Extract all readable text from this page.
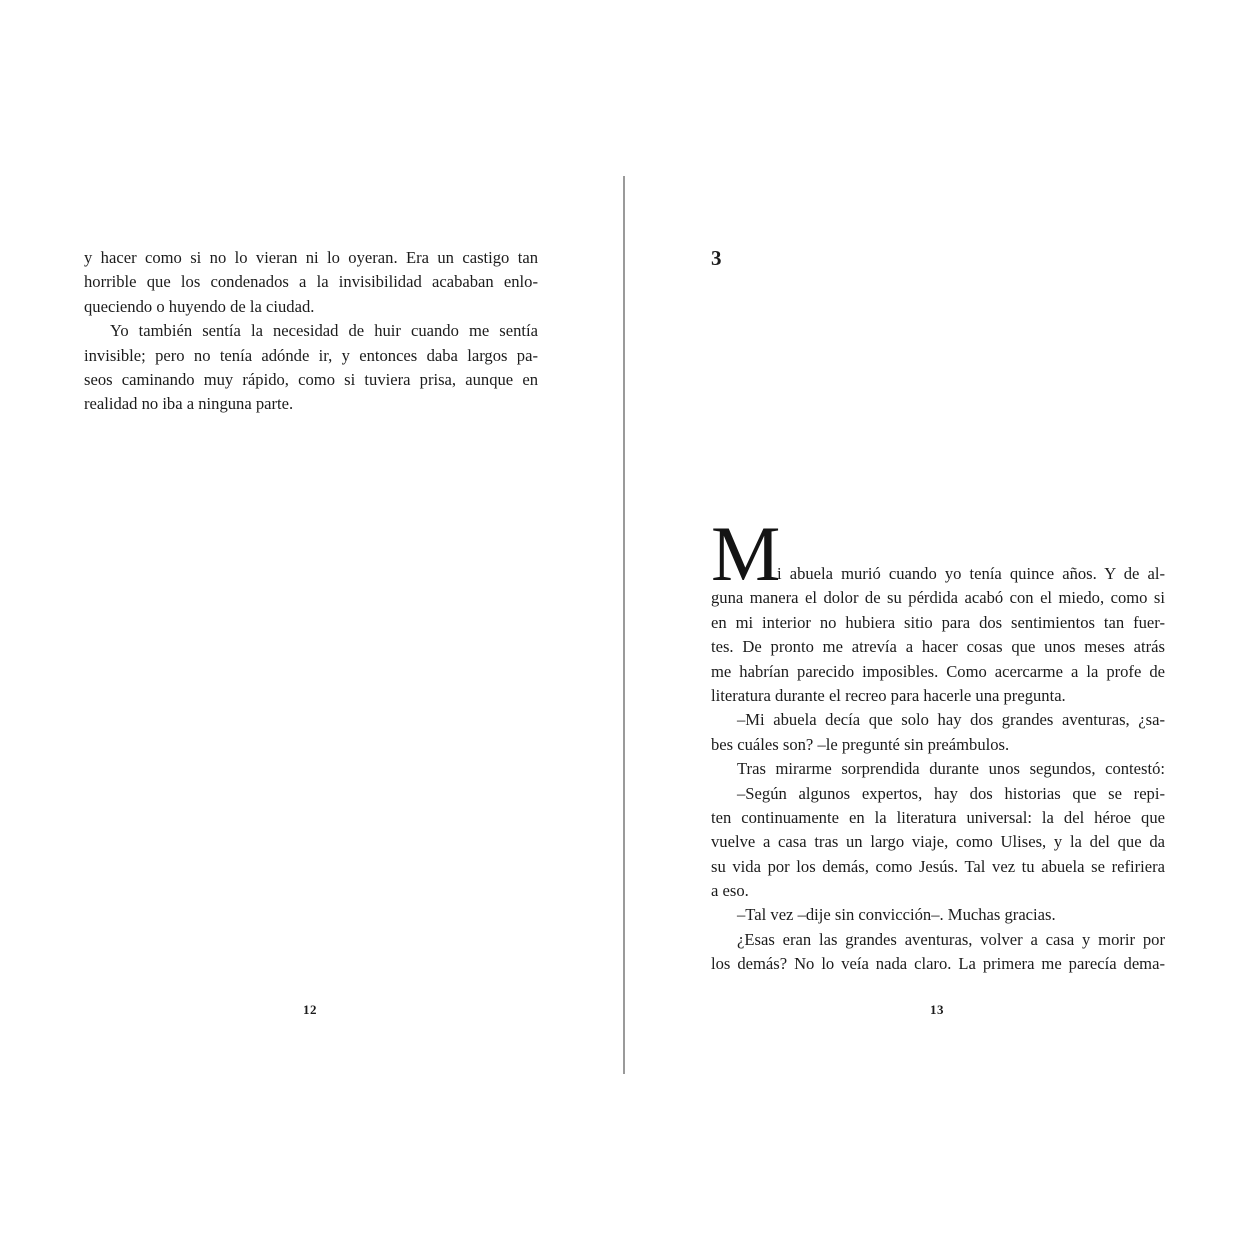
y hacer como si no lo vieran ni lo oyeran. Era un castigo tan
horrible que los condenados a la invisibilidad acababan enlo-
queciendo o huyendo de la ciudad.
Yo también sentía la necesidad de huir cuando me sentía
invisible; pero no tenía adónde ir, y entonces daba largos pa-
seos caminando muy rápido, como si tuviera prisa, aunque en
realidad no iba a ninguna parte.
12
3
M
i abuela murió cuando yo tenía quince años. Y de al-
guna manera el dolor de su pérdida acabó con el miedo, como si
en mi interior no hubiera sitio para dos sentimientos tan fuer-
tes. De pronto me atrevía a hacer cosas que unos meses atrás
me habrían parecido imposibles. Como acercarme a la profe de
literatura durante el recreo para hacerle una pregunta.
–Mi abuela decía que solo hay dos grandes aventuras, ¿sa-
bes cuáles son? –le pregunté sin preámbulos.
Tras mirarme sorprendida durante unos segundos, contestó:
–Según algunos expertos, hay dos historias que se repi-
ten continuamente en la literatura universal: la del héroe que
vuelve a casa tras un largo viaje, como Ulises, y la del que da
su vida por los demás, como Jesús. Tal vez tu abuela se refiriera
a eso.
–Tal vez –dije sin convicción–. Muchas gracias.
¿Esas eran las grandes aventuras, volver a casa y morir por
los demás? No lo veía nada claro. La primera me parecía dema-
13
